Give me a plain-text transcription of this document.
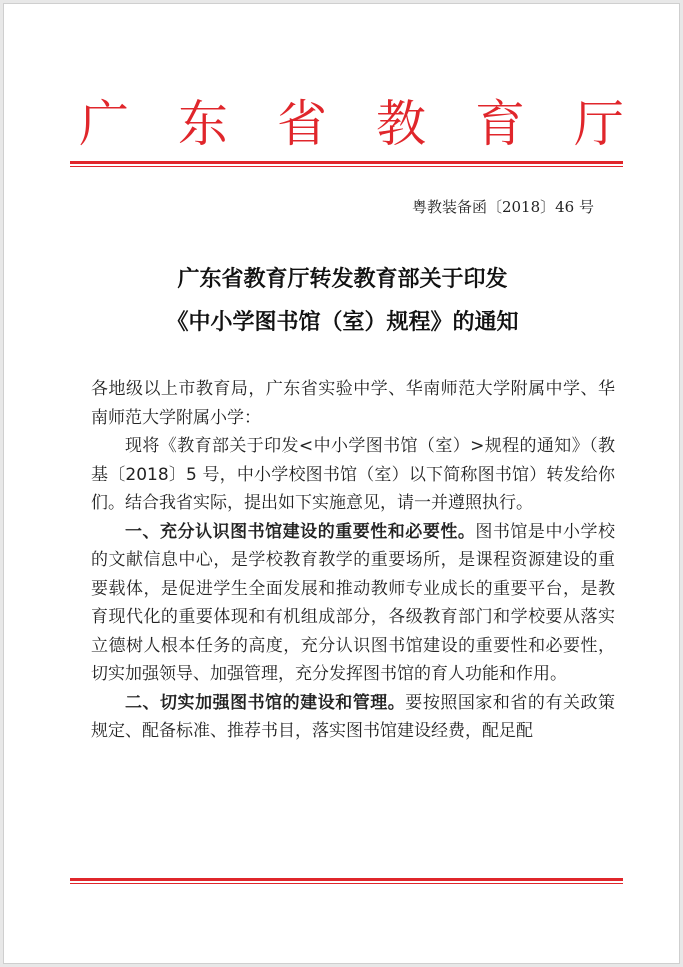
广 东 省 教 育 厅
粤教装备函〔2018〕46 号
广东省教育厅转发教育部关于印发
《中小学图书馆（室）规程》的通知

各地级以上市教育局，广东省实验中学、华南师范大学附属中学、华南师范大学附属小学：

现将《教育部关于印发<中小学图书馆（室）>规程的通知》（教基〔2018〕5 号，中小学校图书馆（室）以下简称图书馆）转发给你们。结合我省实际，提出如下实施意见，请一并遵照执行。

一、充分认识图书馆建设的重要性和必要性。图书馆是中小学校的文献信息中心，是学校教育教学的重要场所，是课程资源建设的重要载体，是促进学生全面发展和推动教师专业成长的重要平台，是教育现代化的重要体现和有机组成部分，各级教育部门和学校要从落实立德树人根本任务的高度，充分认识图书馆建设的重要性和必要性，切实加强领导、加强管理，充分发挥图书馆的育人功能和作用。

二、切实加强图书馆的建设和管理。要按照国家和省的有关政策规定、配备标准、推荐书目，落实图书馆建设经费，配足配
